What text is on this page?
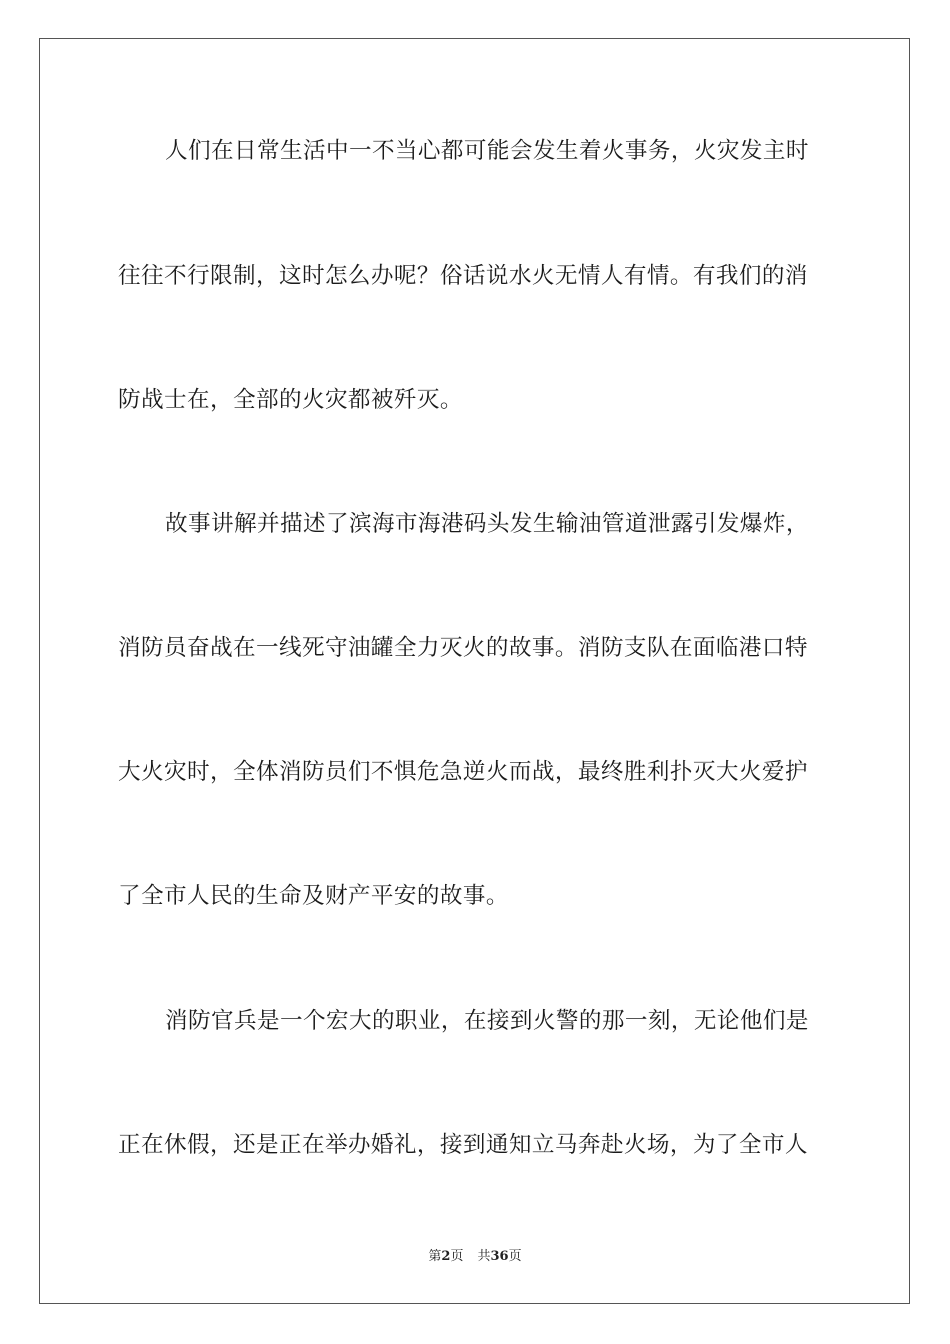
人们在日常生活中一不当心都可能会发生着火事务，火灾发主时
往往不行限制，这时怎么办呢？俗话说水火无情人有情。有我们的消
防战士在，全部的火灾都被歼灭。
故事讲解并描述了滨海市海港码头发生输油管道泄露引发爆炸，
消防员奋战在一线死守油罐全力灭火的故事。消防支队在面临港口特
大火灾时，全体消防员们不惧危急逆火而战，最终胜利扑灭大火爱护
了全市人民的生命及财产平安的故事。
消防官兵是一个宏大的职业，在接到火警的那一刻，无论他们是
正在休假，还是正在举办婚礼，接到通知立马奔赴火场，为了全市人
第2页 共36页
